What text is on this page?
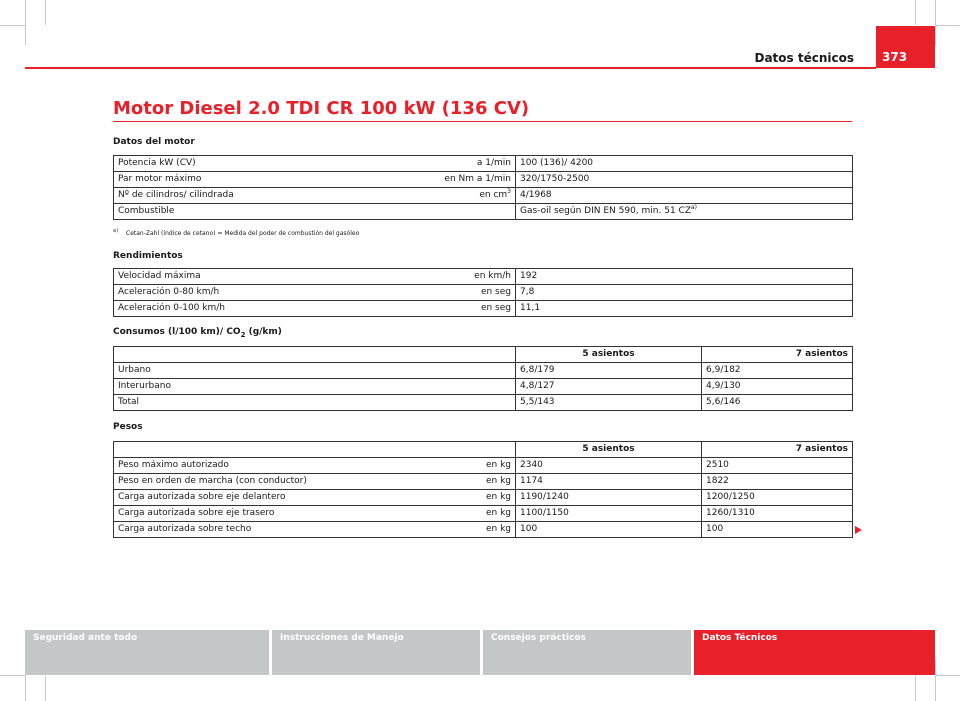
Datos técnicos	373
Motor Diesel 2.0 TDI CR 100 kW (136 CV)
Datos del motor
Potencia kW (CV)	a 1/min	100 (136)/ 4200
Par motor máximo	en Nm a 1/min	320/1750-2500
Nº de cilindros/ cilindrada	en $cm^3$	4/1968
Combustible		Gas-oil según DIN EN 590, min. 51 CZ$^{a)}$
$^{a)}$ Cetan-Zahl (índice de cetano) = Medida del poder de combustión del gasóleo
Rendimientos
Velocidad máxima	en km/h	192
Aceleración 0-80 km/h	en seg	7,8
Aceleración 0-100 km/h	en seg	11,1
Consumos (l/100 km)/ $CO_2$ (g/km)
	5 asientos	7 asientos
Urbano	6,8/179	6,9/182
Interurbano	4,8/127	4,9/130
Total	5,5/143	5,6/146
Pesos
		5 asientos	7 asientos
Peso máximo autorizado	en kg	2340	2510
Peso en orden de marcha (con conductor)	en kg	1174	1822
Carga autorizada sobre eje delantero	en kg	1190/1240	1200/1250
Carga autorizada sobre eje trasero	en kg	1100/1150	1260/1310
Carga autorizada sobre techo	en kg	100	100
Seguridad ante todo	Instrucciones de Manejo	Consejos prácticos	Datos Técnicos
